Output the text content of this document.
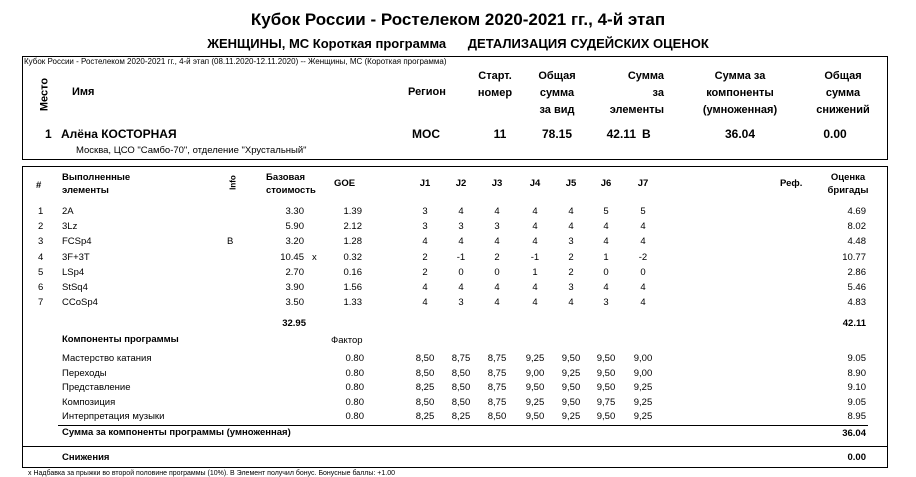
Кубок России - Ростелеком 2020-2021 гг., 4-й этап
ЖЕНЩИНЫ, МС Короткая программа ДЕТАЛИЗАЦИЯ СУДЕЙСКИХ ОЦЕНОК
Кубок России - Ростелеком 2020-2021 гг., 4-й этап (08.11.2020-12.11.2020) -- Женщины, МС (Короткая программа)
Место Имя	Регион
Старт.
номер
Общая
сумма
за вид
Сумма
за
элементы
Сумма за
компоненты
(умноженная)
Общая
сумма
снижений
1 Алёна КОСТОРНАЯ	МОС	11	78.15	42.11 B	36.04	0.00
Москва, ЦСО "Самбо-70", отделение "Хрустальный"
#
Выполненные
элементы
Info	Базовая
стоимость
GOE	J1	J2	J3	J4	J5	J6	J7	Реф.
Оценка
бригады
1 2A	3.30	1.39	3	4	4	4	4	5	5	4.69
2 3Lz	5.90	2.12	3	3	3	4	4	4	4	8.02
3 FCSp4	B	3.20	1.28	4	4	4	4	3	4	4	4.48
4 3F+3T	10.45 x	0.32	2	-1	2	-1	2	1	-2	10.77
5 LSp4	2.70	0.16	2	0	0	1	2	0	0	2.86
6 StSq4	3.90	1.56	4	4	4	4	3	4	4	5.46
7 CCoSp4	3.50	1.33	4	3	4	4	4	3	4	4.83
32.95	42.11
Компоненты программы	Фактор
Мастерство катания	0.80	8,50	8,75	8,75	9,25	9,50	9,50	9,00	9.05
Переходы	0.80	8,50	8,50	8,75	9,00	9,25	9,50	9,00	8.90
Представление	0.80	8,25	8,50	8,75	9,50	9,50	9,50	9,25	9.10
Композиция	0.80	8,50	8,50	8,75	9,25	9,50	9,75	9,25	9.05
Интерпретация музыки	0.80	8,25	8,25	8,50	9,50	9,25	9,50	9,25	8.95
Сумма за компоненты программы (умноженная)	36.04
Снижения	0.00
x Надбавка за прыжки во второй половине программы (10%). В Элемент получил бонус. Бонусные баллы: +1.00
